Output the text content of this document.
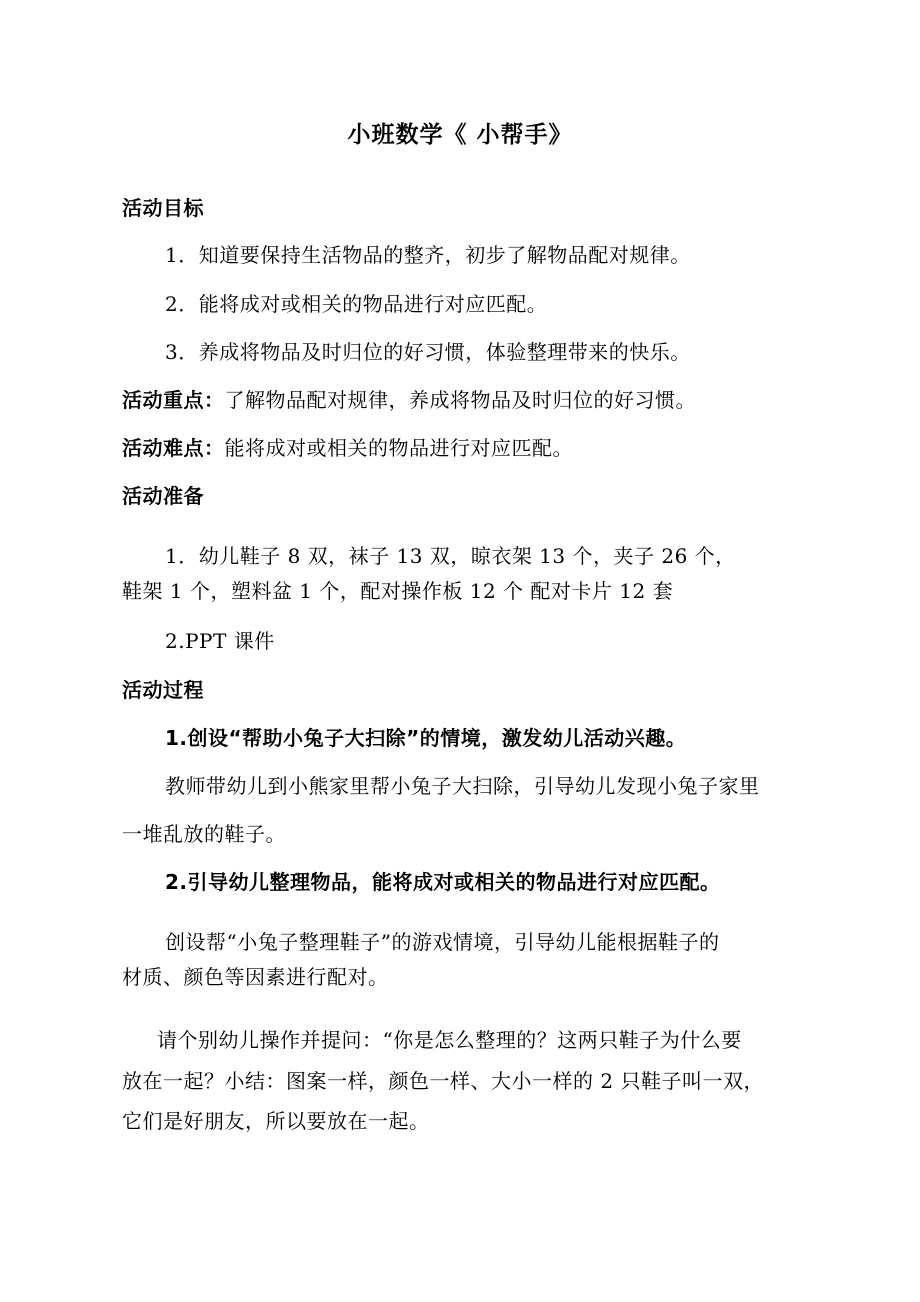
小班数学《 小帮手》
活动目标
1．知道要保持生活物品的整齐，初步了解物品配对规律。
2．能将成对或相关的物品进行对应匹配。
3．养成将物品及时归位的好习惯，体验整理带来的快乐。
活动重点：了解物品配对规律，养成将物品及时归位的好习惯。
活动难点：能将成对或相关的物品进行对应匹配。
活动准备
1．幼儿鞋子 8 双，袜子 13 双，晾衣架 13 个，夹子 26 个，
鞋架 1 个，塑料盆 1 个，配对操作板 12 个 配对卡片 12 套
2.PPT 课件
活动过程
1.创设“帮助小兔子大扫除”的情境，激发幼儿活动兴趣。
教师带幼儿到小熊家里帮小兔子大扫除，引导幼儿发现小兔子家里
一堆乱放的鞋子。
2.引导幼儿整理物品，能将成对或相关的物品进行对应匹配。
创设帮“小兔子整理鞋子”的游戏情境，引导幼儿能根据鞋子的
材质、颜色等因素进行配对。
请个别幼儿操作并提问：“你是怎么整理的？这两只鞋子为什么要
放在一起？小结：图案一样，颜色一样、大小一样的 2 只鞋子叫一双，
它们是好朋友，所以要放在一起。
